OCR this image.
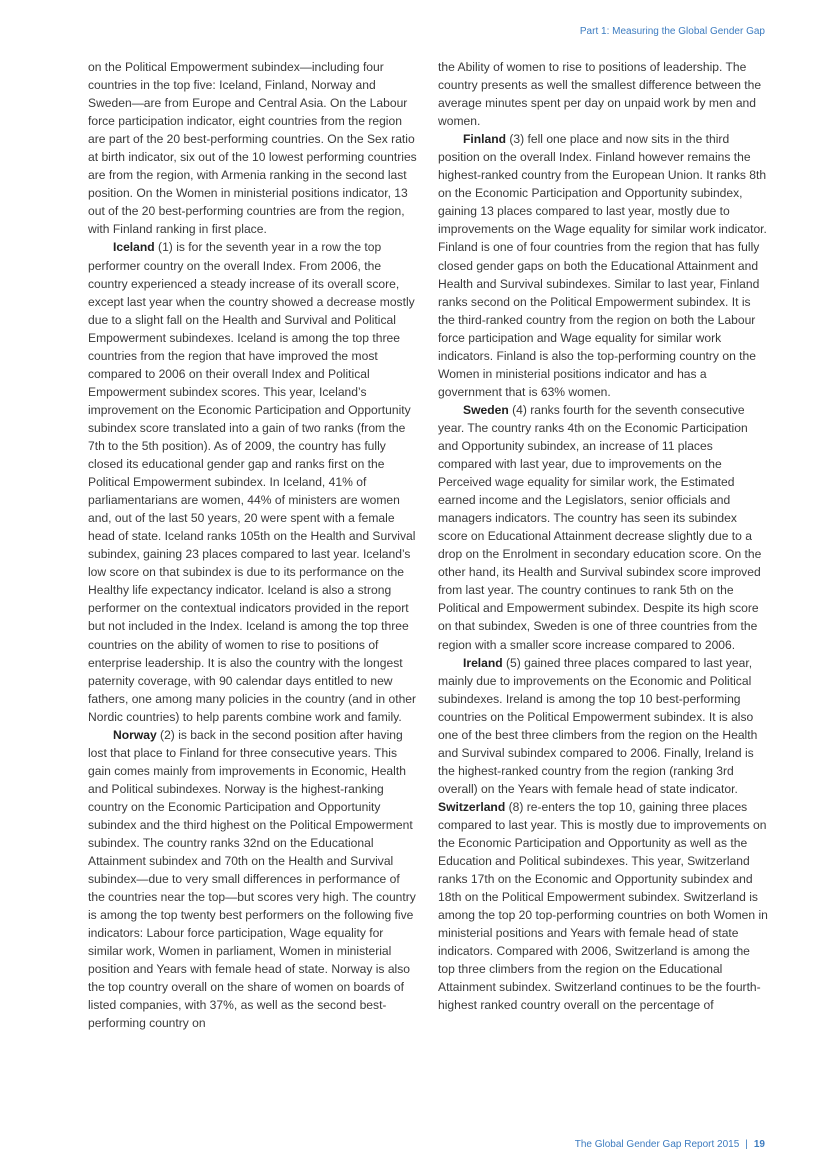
Part 1: Measuring the Global Gender Gap

on the Political Empowerment subindex—including four countries in the top five: Iceland, Finland, Norway and Sweden—are from Europe and Central Asia. On the Labour force participation indicator, eight countries from the region are part of the 20 best-performing countries. On the Sex ratio at birth indicator, six out of the 10 lowest performing countries are from the region, with Armenia ranking in the second last position. On the Women in ministerial positions indicator, 13 out of the 20 best-performing countries are from the region, with Finland ranking in first place.

Iceland (1) is for the seventh year in a row the top performer country on the overall Index. From 2006, the country experienced a steady increase of its overall score, except last year when the country showed a decrease mostly due to a slight fall on the Health and Survival and Political Empowerment subindexes. Iceland is among the top three countries from the region that have improved the most compared to 2006 on their overall Index and Political Empowerment subindex scores. This year, Iceland’s improvement on the Economic Participation and Opportunity subindex score translated into a gain of two ranks (from the 7th to the 5th position). As of 2009, the country has fully closed its educational gender gap and ranks first on the Political Empowerment subindex. In Iceland, 41% of parliamentarians are women, 44% of ministers are women and, out of the last 50 years, 20 were spent with a female head of state. Iceland ranks 105th on the Health and Survival subindex, gaining 23 places compared to last year. Iceland’s low score on that subindex is due to its performance on the Healthy life expectancy indicator. Iceland is also a strong performer on the contextual indicators provided in the report but not included in the Index. Iceland is among the top three countries on the ability of women to rise to positions of enterprise leadership. It is also the country with the longest paternity coverage, with 90 calendar days entitled to new fathers, one among many policies in the country (and in other Nordic countries) to help parents combine work and family.

Norway (2) is back in the second position after having lost that place to Finland for three consecutive years. This gain comes mainly from improvements in Economic, Health and Political subindexes. Norway is the highest-ranking country on the Economic Participation and Opportunity subindex and the third highest on the Political Empowerment subindex. The country ranks 32nd on the Educational Attainment subindex and 70th on the Health and Survival subindex—due to very small differences in performance of the countries near the top—but scores very high. The country is among the top twenty best performers on the following five indicators: Labour force participation, Wage equality for similar work, Women in parliament, Women in ministerial position and Years with female head of state. Norway is also the top country overall on the share of women on boards of listed companies, with 37%, as well as the second best-performing country on

the Ability of women to rise to positions of leadership. The country presents as well the smallest difference between the average minutes spent per day on unpaid work by men and women.

Finland (3) fell one place and now sits in the third position on the overall Index. Finland however remains the highest-ranked country from the European Union. It ranks 8th on the Economic Participation and Opportunity subindex, gaining 13 places compared to last year, mostly due to improvements on the Wage equality for similar work indicator. Finland is one of four countries from the region that has fully closed gender gaps on both the Educational Attainment and Health and Survival subindexes. Similar to last year, Finland ranks second on the Political Empowerment subindex. It is the third-ranked country from the region on both the Labour force participation and Wage equality for similar work indicators. Finland is also the top-performing country on the Women in ministerial positions indicator and has a government that is 63% women.

Sweden (4) ranks fourth for the seventh consecutive year. The country ranks 4th on the Economic Participation and Opportunity subindex, an increase of 11 places compared with last year, due to improvements on the Perceived wage equality for similar work, the Estimated earned income and the Legislators, senior officials and managers indicators. The country has seen its subindex score on Educational Attainment decrease slightly due to a drop on the Enrolment in secondary education score. On the other hand, its Health and Survival subindex score improved from last year. The country continues to rank 5th on the Political and Empowerment subindex. Despite its high score on that subindex, Sweden is one of three countries from the region with a smaller score increase compared to 2006.

Ireland (5) gained three places compared to last year, mainly due to improvements on the Economic and Political subindexes. Ireland is among the top 10 best-performing countries on the Political Empowerment subindex. It is also one of the best three climbers from the region on the Health and Survival subindex compared to 2006. Finally, Ireland is the highest-ranked country from the region (ranking 3rd overall) on the Years with female head of state indicator. Switzerland (8) re-enters the top 10, gaining three places compared to last year. This is mostly due to improvements on the Economic Participation and Opportunity as well as the Education and Political subindexes. This year, Switzerland ranks 17th on the Economic and Opportunity subindex and 18th on the Political Empowerment subindex. Switzerland is among the top 20 top-performing countries on both Women in ministerial positions and Years with female head of state indicators. Compared with 2006, Switzerland is among the top three climbers from the region on the Educational Attainment subindex. Switzerland continues to be the fourth-highest ranked country overall on the percentage of

The Global Gender Gap Report 2015 | 19
